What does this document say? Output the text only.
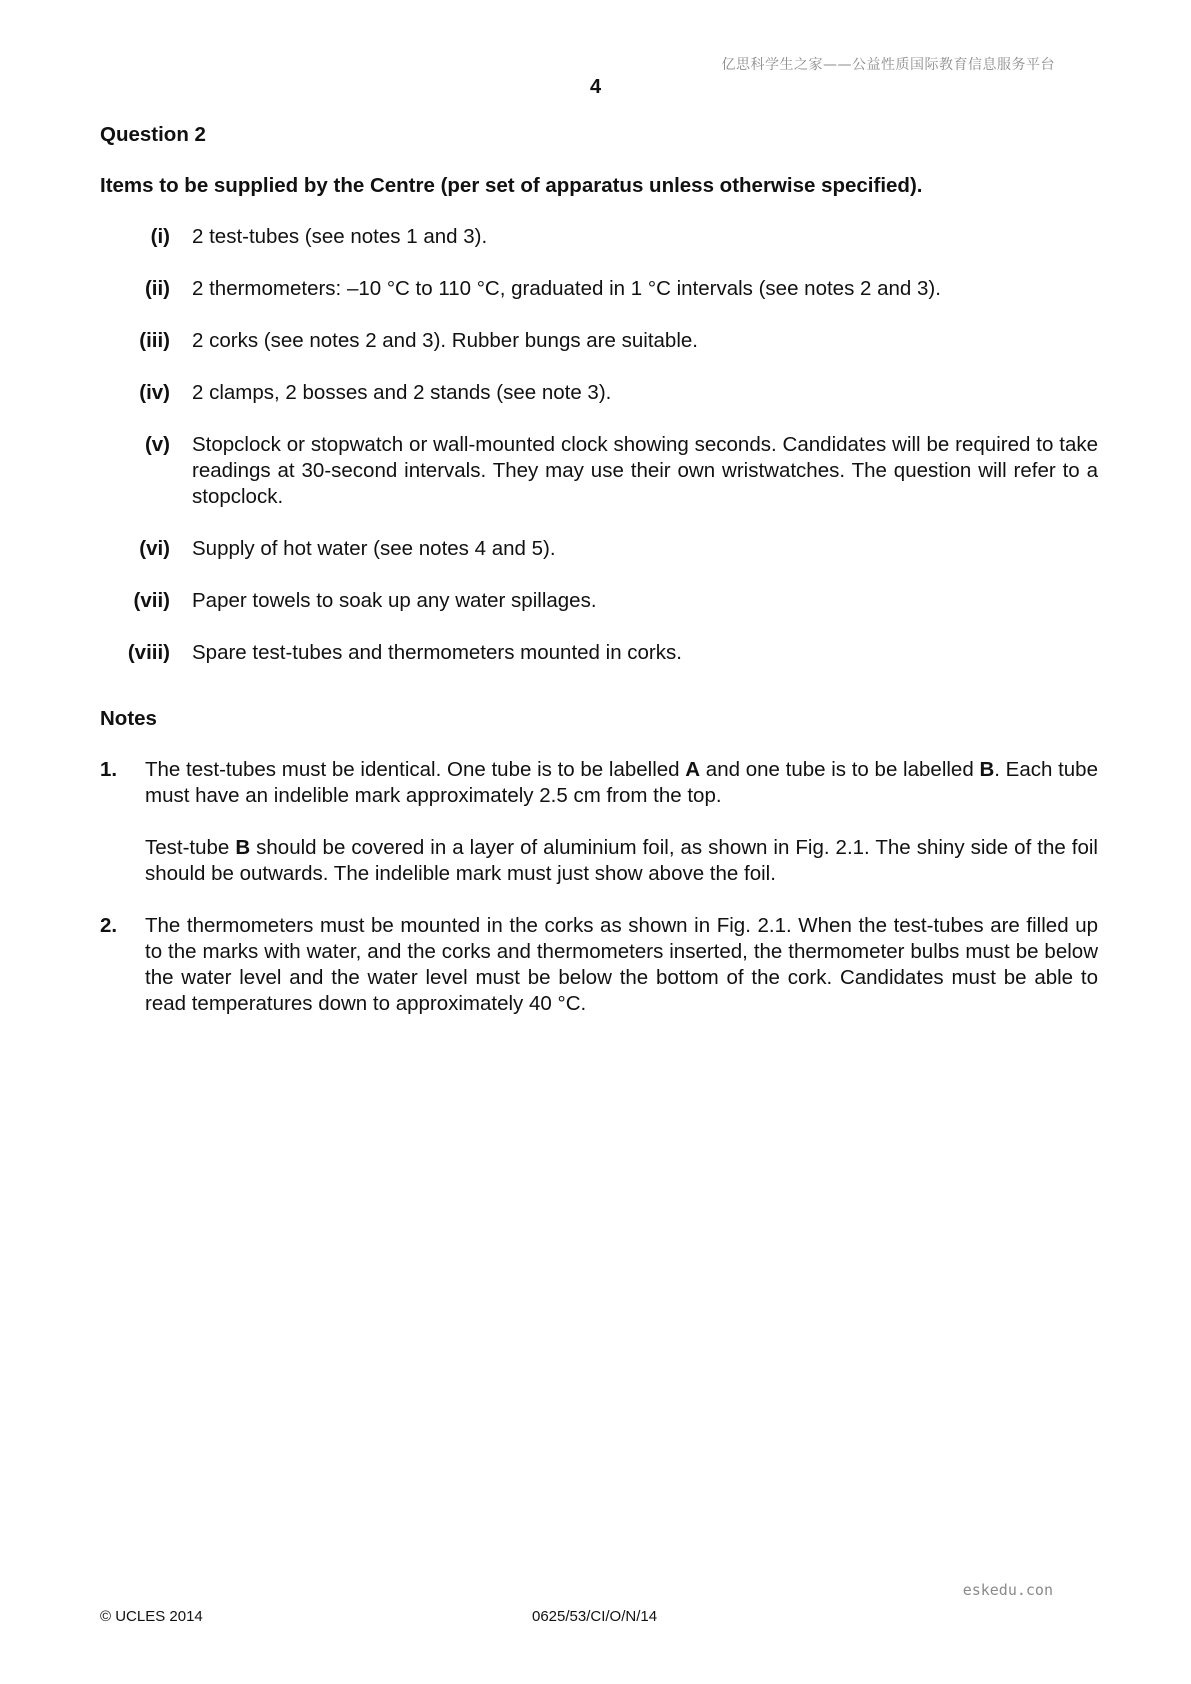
亿思科学生之家——公益性质国际教育信息服务平台
4
Question 2
Items to be supplied by the Centre (per set of apparatus unless otherwise specified).
(i) 2 test-tubes (see notes 1 and 3).
(ii) 2 thermometers: –10 °C to 110 °C, graduated in 1 °C intervals (see notes 2 and 3).
(iii) 2 corks (see notes 2 and 3). Rubber bungs are suitable.
(iv) 2 clamps, 2 bosses and 2 stands (see note 3).
(v) Stopclock or stopwatch or wall-mounted clock showing seconds. Candidates will be required to take readings at 30-second intervals. They may use their own wristwatches. The question will refer to a stopclock.
(vi) Supply of hot water (see notes 4 and 5).
(vii) Paper towels to soak up any water spillages.
(viii) Spare test-tubes and thermometers mounted in corks.
Notes
1.	The test-tubes must be identical. One tube is to be labelled A and one tube is to be labelled B. Each tube must have an indelible mark approximately 2.5 cm from the top.

Test-tube B should be covered in a layer of aluminium foil, as shown in Fig. 2.1. The shiny side of the foil should be outwards. The indelible mark must just show above the foil.

2.	The thermometers must be mounted in the corks as shown in Fig. 2.1. When the test-tubes are filled up to the marks with water, and the corks and thermometers inserted, the thermometer bulbs must be below the water level and the water level must be below the bottom of the cork. Candidates must be able to read temperatures down to approximately 40 °C.

eskedu.con
© UCLES 2014	0625/53/CI/O/N/14
